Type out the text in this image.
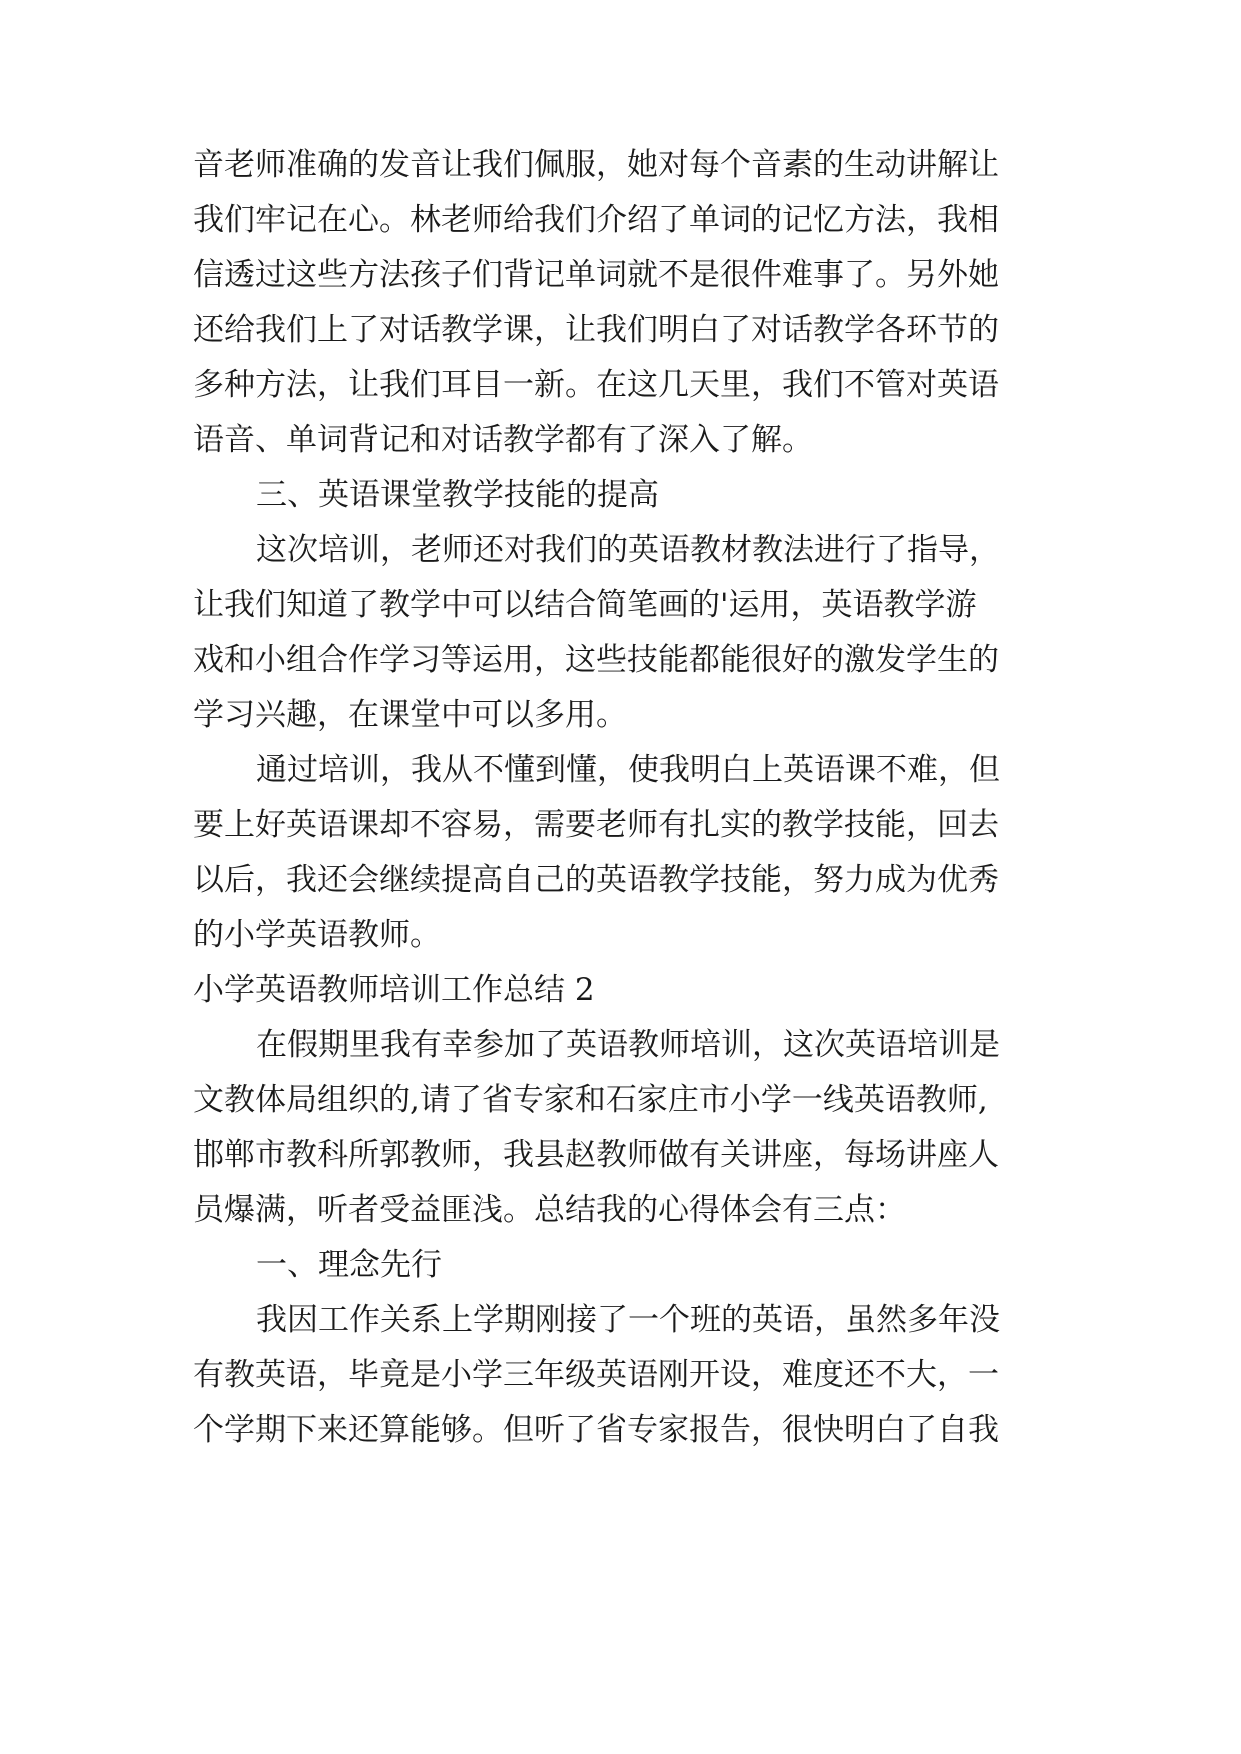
音老师准确的发音让我们佩服，她对每个音素的生动讲解让
我们牢记在心。林老师给我们介绍了单词的记忆方法，我相
信透过这些方法孩子们背记单词就不是很件难事了。另外她
还给我们上了对话教学课，让我们明白了对话教学各环节的
多种方法，让我们耳目一新。在这几天里，我们不管对英语
语音、单词背记和对话教学都有了深入了解。
三、英语课堂教学技能的提高
这次培训，老师还对我们的英语教材教法进行了指导，
让我们知道了教学中可以结合简笔画的'运用，英语教学游
戏和小组合作学习等运用，这些技能都能很好的激发学生的
学习兴趣，在课堂中可以多用。
通过培训，我从不懂到懂，使我明白上英语课不难，但
要上好英语课却不容易，需要老师有扎实的教学技能，回去
以后，我还会继续提高自己的英语教学技能，努力成为优秀
的小学英语教师。
小学英语教师培训工作总结 2
在假期里我有幸参加了英语教师培训，这次英语培训是
文教体局组织的,请了省专家和石家庄市小学一线英语教师,
邯郸市教科所郭教师，我县赵教师做有关讲座，每场讲座人
员爆满，听者受益匪浅。总结我的心得体会有三点：
一、理念先行
我因工作关系上学期刚接了一个班的英语，虽然多年没
有教英语，毕竟是小学三年级英语刚开设，难度还不大，一
个学期下来还算能够。但听了省专家报告，很快明白了自我
